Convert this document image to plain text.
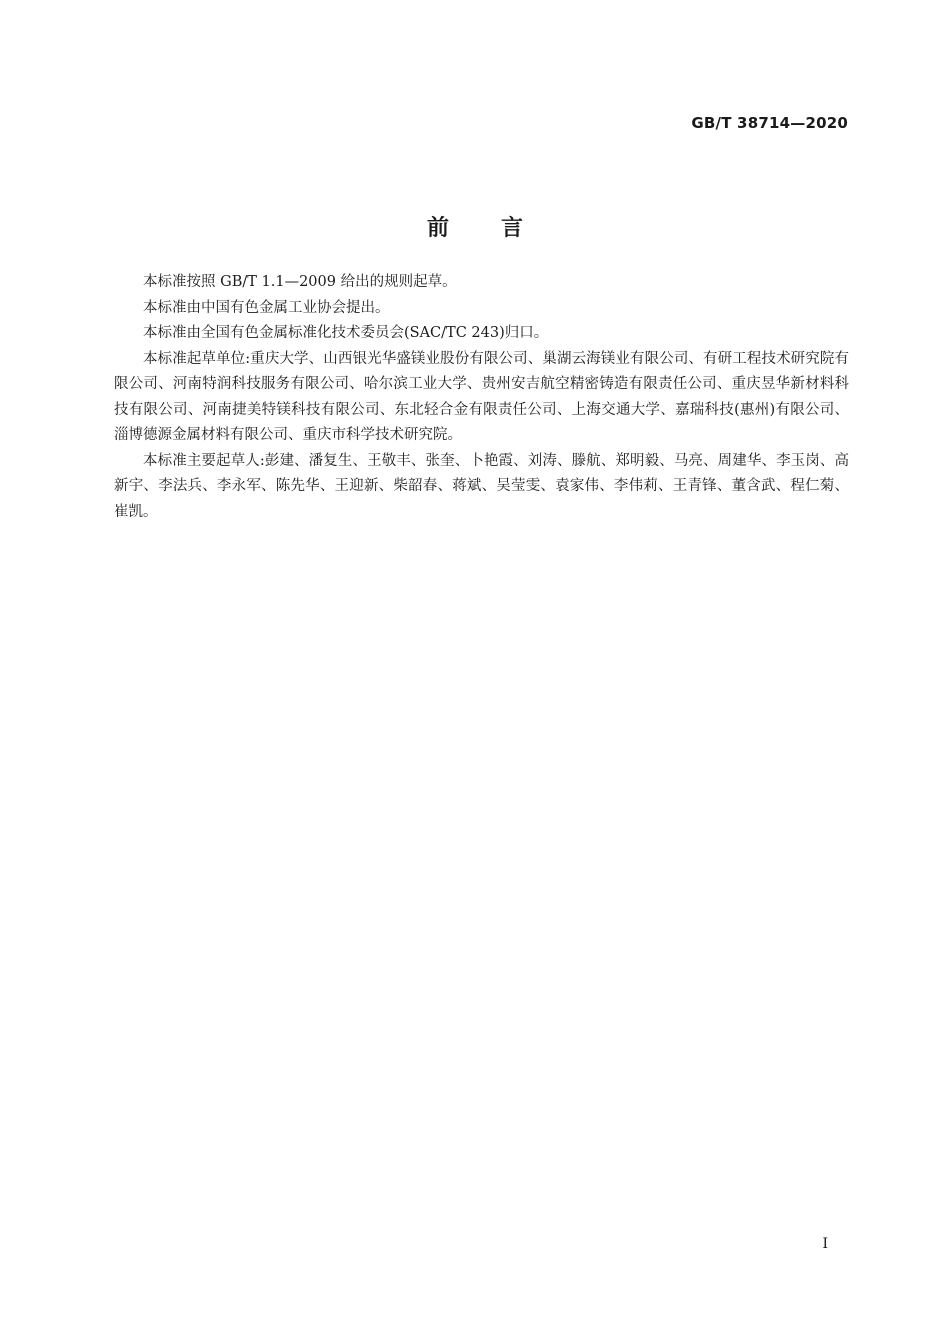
GB/T 38714—2020
前言

本标准按照 GB/T 1.1—2009 给出的规则起草。

本标准由中国有色金属工业协会提出。

本标准由全国有色金属标准化技术委员会(SAC/TC 243)归口。

本标准起草单位:重庆大学、山西银光华盛镁业股份有限公司、巢湖云海镁业有限公司、有研工程技术研究院有限公司、河南特润科技服务有限公司、哈尔滨工业大学、贵州安吉航空精密铸造有限责任公司、重庆昱华新材料科技有限公司、河南捷美特镁科技有限公司、东北轻合金有限责任公司、上海交通大学、嘉瑞科技(惠州)有限公司、淄博德源金属材料有限公司、重庆市科学技术研究院。

本标准主要起草人:彭建、潘复生、王敬丰、张奎、卜艳霞、刘涛、滕航、郑明毅、马亮、周建华、李玉岗、高新宇、李法兵、李永军、陈先华、王迎新、柴韶春、蒋斌、吴莹雯、袁家伟、李伟莉、王青锋、董含武、程仁菊、崔凯。

I
